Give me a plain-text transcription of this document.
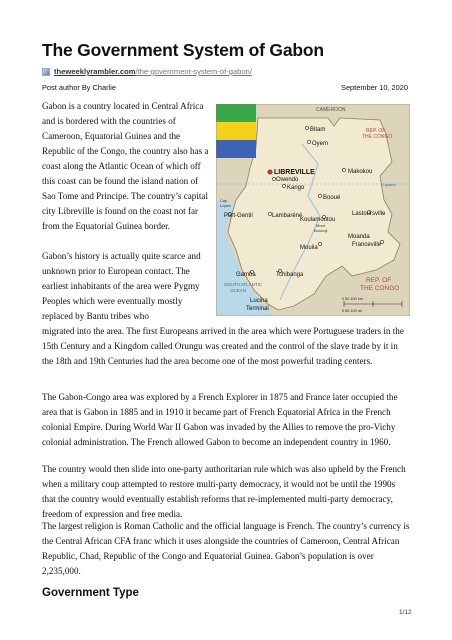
The Government System of Gabon
theweeklyrambler.com/the-government-system-of-gabon/
Post author By Charlie	September 10, 2020

Gabon is a country located in Central Africa and is bordered with the countries of Cameroon, Equatorial Guinea and the Republic of the Congo, the country also has a coast along the Atlantic Ocean of which off this coast can be found the island nation of Sao Tome and Principe. The country’s capital city Libreville is found on the coast not far from the Equatorial Guinea border.

Gabon’s history is actually quite scarce and unknown prior to European contact. The earliest inhabitants of the area were Pygmy Peoples which were eventually mostly replaced by Bantu tribes who

migrated into the area. The first Europeans arrived in the area which were Portuguese traders in the 15th Century and a Kingdom called Orungu was created and the control of the slave trade by it in the 18th and 19th Centuries had the area become one of the most powerful trading centers.

The Gabon-Congo area was explored by a French Explorer in 1875 and France later occupied the area that is Gabon in 1885 and in 1910 it became part of French Equatorial Africa in the French colonial Empire. During World War II Gabon was invaded by the Allies to remove the pro-Vichy colonial administration. The French allowed Gabon to become an independent country in 1960.

The country would then slide into one-party authoritarian rule which was also upheld by the French when a military coup attempted to restore multi-party democracy, it would not be until the 1990s that the country would eventually establish reforms that re-implemented multi-party democracy, freedom of expression and free media.

The largest religion is Roman Catholic and the official language is French. The country’s currency is the Central African CFA franc which it uses alongside the countries of Cameroon, Central African Republic, Chad, Republic of the Congo and Equatorial Guinea. Gabon’s population is over 2,235,000.

CAMEROON
REP. OF
THE CONGO
REP. OF
THE CONGO
SOUTH ATLANTIC
OCEAN
Equator
Cap
Lopez
Mont
Boundji
LIBREVILLE
Bitam
Oyem
Owendo
Kango
Makokou
Booué
Port-Gentil	Lambaréné
Koulamoutou
Lastoursville
Moanda
Franceville
Mouila
Gamba	Tchibanga
Lucina
Terminal
0 50 100 km
0 50 100 mi
Government Type
1/12
